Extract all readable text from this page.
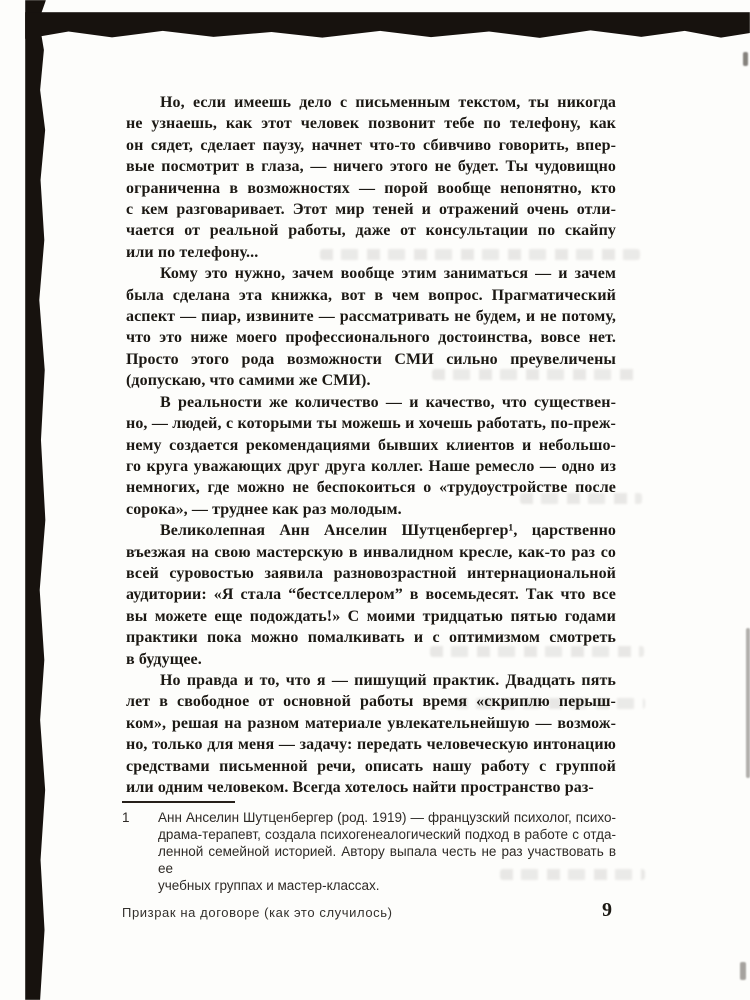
Но, если имеешь дело с письменным текстом, ты никогда
не узнаешь, как этот человек позвонит тебе по телефону, как
он сядет, сделает паузу, начнет что-то сбивчиво говорить, впер-
вые посмотрит в глаза, — ничего этого не будет. Ты чудовищно
ограниченна в возможностях — порой вообще непонятно, кто
с кем разговаривает. Этот мир теней и отражений очень отли-
чается от реальной работы, даже от консультации по скайпу
или по телефону...
Кому это нужно, зачем вообще этим заниматься — и зачем
была сделана эта книжка, вот в чем вопрос. Прагматический
аспект — пиар, извините — рассматривать не будем, и не потому,
что это ниже моего профессионального достоинства, вовсе нет.
Просто этого рода возможности СМИ сильно преувеличены
(допускаю, что самими же СМИ).
В реальности же количество — и качество, что существен-
но, — людей, с которыми ты можешь и хочешь работать, по-преж-
нему создается рекомендациями бывших клиентов и небольшо-
го круга уважающих друг друга коллег. Наше ремесло — одно из
немногих, где можно не беспокоиться о «трудоустройстве после
сорока», — труднее как раз молодым.
Великолепная Анн Анселин Шутценбергер¹, царственно
въезжая на свою мастерскую в инвалидном кресле, как-то раз со
всей суровостью заявила разновозрастной интернациональной
аудитории: «Я стала “бестселлером” в восемьдесят. Так что все
вы можете еще подождать!» С моими тридцатью пятью годами
практики пока можно помалкивать и с оптимизмом смотреть
в будущее.
Но правда и то, что я — пишущий практик. Двадцать пять
лет в свободное от основной работы время «скриплю перыш-
ком», решая на разном материале увлекательнейшую — возмож-
но, только для меня — задачу: передать человеческую интонацию
средствами письменной речи, описать нашу работу с группой
или одним человеком. Всегда хотелось найти пространство раз-
1 Анн Анселин Шутценбергер (род. 1919) — французский психолог, психо-
драма-терапевт, создала психогенеалогический подход в работе с отда-
ленной семейной историей. Автору выпала честь не раз участвовать в ее
учебных группах и мастер-классах.
Призрак на договоре (как это случилось)	9
